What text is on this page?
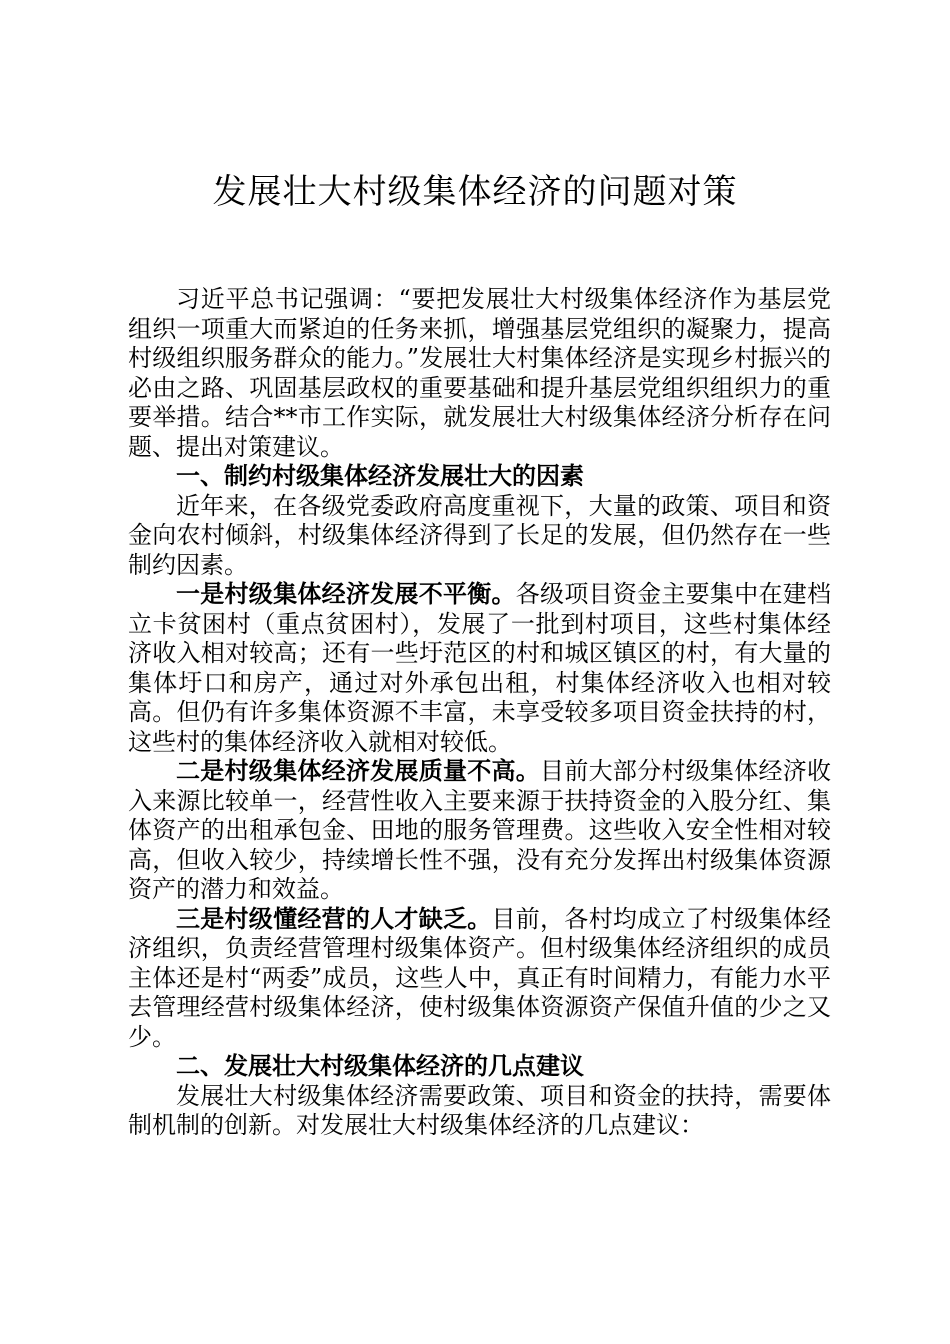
发展壮大村级集体经济的问题对策

习近平总书记强调：“要把发展壮大村级集体经济作为基层党组织一项重大而紧迫的任务来抓，增强基层党组织的凝聚力，提高村级组织服务群众的能力。”发展壮大村集体经济是实现乡村振兴的必由之路、巩固基层政权的重要基础和提升基层党组织组织力的重要举措。结合**市工作实际，就发展壮大村级集体经济分析存在问题、提出对策建议。

一、制约村级集体经济发展壮大的因素

近年来，在各级党委政府高度重视下，大量的政策、项目和资金向农村倾斜，村级集体经济得到了长足的发展，但仍然存在一些制约因素。

一是村级集体经济发展不平衡。各级项目资金主要集中在建档立卡贫困村（重点贫困村），发展了一批到村项目，这些村集体经济收入相对较高；还有一些圩范区的村和城区镇区的村，有大量的集体圩口和房产，通过对外承包出租，村集体经济收入也相对较高。但仍有许多集体资源不丰富，未享受较多项目资金扶持的村，这些村的集体经济收入就相对较低。

二是村级集体经济发展质量不高。目前大部分村级集体经济收入来源比较单一，经营性收入主要来源于扶持资金的入股分红、集体资产的出租承包金、田地的服务管理费。这些收入安全性相对较高，但收入较少，持续增长性不强，没有充分发挥出村级集体资源资产的潜力和效益。

三是村级懂经营的人才缺乏。目前，各村均成立了村级集体经济组织，负责经营管理村级集体资产。但村级集体经济组织的成员主体还是村“两委”成员，这些人中，真正有时间精力，有能力水平去管理经营村级集体经济，使村级集体资源资产保值升值的少之又少。

二、发展壮大村级集体经济的几点建议

发展壮大村级集体经济需要政策、项目和资金的扶持，需要体制机制的创新。对发展壮大村级集体经济的几点建议：
